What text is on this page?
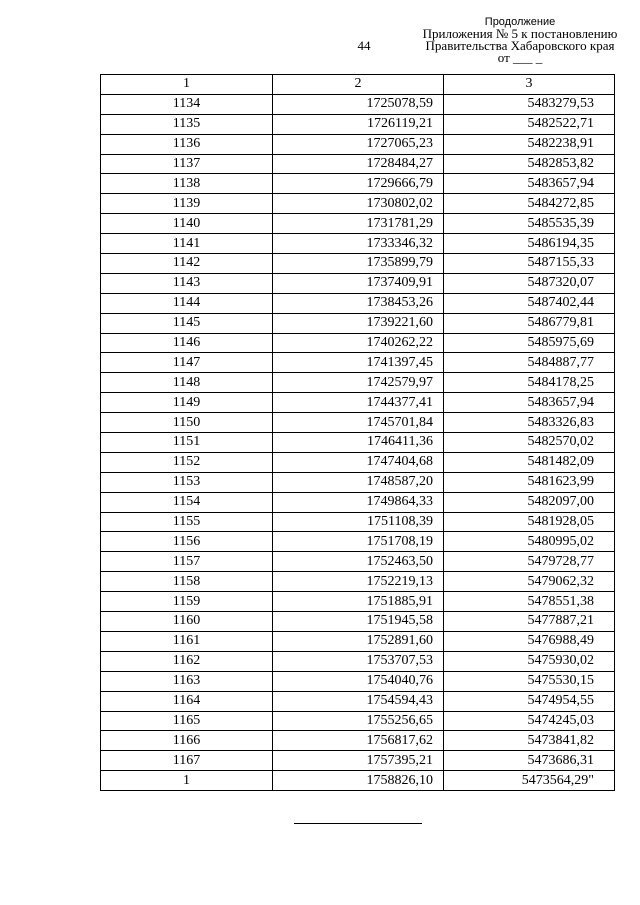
44
Продолжение
Приложения № 5 к постановлению
Правительства Хабаровского края
от ___ _
1	2	3
1134	1725078,59	5483279,53
1135	1726119,21	5482522,71
1136	1727065,23	5482238,91
1137	1728484,27	5482853,82
1138	1729666,79	5483657,94
1139	1730802,02	5484272,85
1140	1731781,29	5485535,39
1141	1733346,32	5486194,35
1142	1735899,79	5487155,33
1143	1737409,91	5487320,07
1144	1738453,26	5487402,44
1145	1739221,60	5486779,81
1146	1740262,22	5485975,69
1147	1741397,45	5484887,77
1148	1742579,97	5484178,25
1149	1744377,41	5483657,94
1150	1745701,84	5483326,83
1151	1746411,36	5482570,02
1152	1747404,68	5481482,09
1153	1748587,20	5481623,99
1154	1749864,33	5482097,00
1155	1751108,39	5481928,05
1156	1751708,19	5480995,02
1157	1752463,50	5479728,77
1158	1752219,13	5479062,32
1159	1751885,91	5478551,38
1160	1751945,58	5477887,21
1161	1752891,60	5476988,49
1162	1753707,53	5475930,02
1163	1754040,76	5475530,15
1164	1754594,43	5474954,55
1165	1755256,65	5474245,03
1166	1756817,62	5473841,82
1167	1757395,21	5473686,31
1	1758826,10	5473564,29"
